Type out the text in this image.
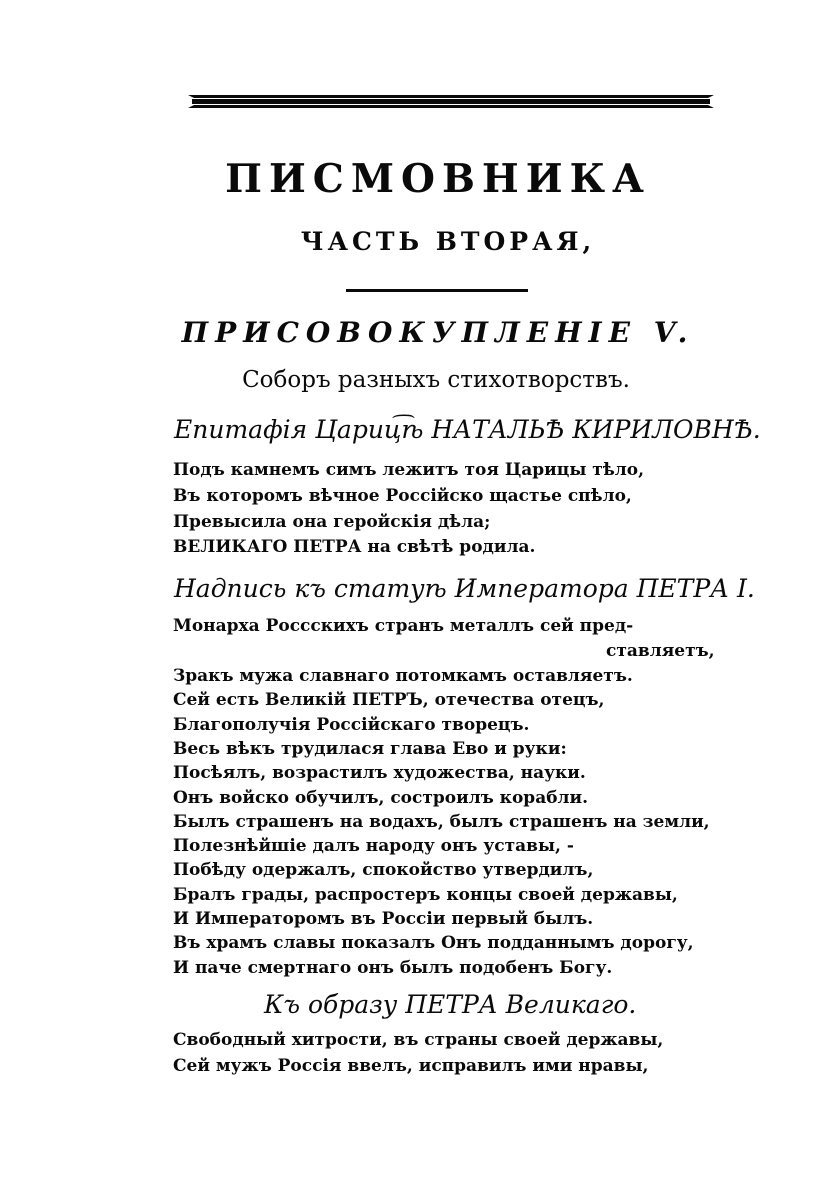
ПИСМОВНИКА
ЧАСТЬ ВТОРАЯ,
ПРИСОВОКУПЛЕНІЕ V.
Соборъ разныхъ стихотворствъ.
Епитафія Цариц͡ѣ НАТАЛЬѢ КИРИЛОВНѢ.
Подъ камнемъ симъ лежитъ тоя Царицы тѣло,
Въ которомъ вѣчное Россійско щастье спѣло,
Превысила она геройскія дѣла;
ВЕЛИКАГО ПЕТРА на свѣтѣ родила.
Надпись къ статуѣ Императора ПЕТРА I.
Монарха Россскихъ странъ металлъ сей пред-
ставляетъ,
Зракъ мужа славнаго потомкамъ оставляетъ.
Сей есть Великій ПЕТРЪ, отечества отецъ,
Благополучія Россійскаго творецъ.
Весь вѣкъ трудилася глава Ево и руки:
Посѣялъ, возрастилъ художества, науки.
Онъ войско обучилъ, состроилъ корабли.
Былъ страшенъ на водахъ, былъ страшенъ на земли,
Полезнѣйшіе далъ народу онъ уставы, -
Побѣду одержалъ, спокойство утвердилъ,
Бралъ грады, распростеръ концы своей державы,
И Императоромъ въ Россіи первый былъ.
Въ храмъ славы показалъ Онъ подданнымъ дорогу,
И паче смертнаго онъ былъ подобенъ Богу.
Къ образу ПЕТРА Великаго.
Свободный хитрости, въ страны своей державы,
Сей мужъ Россія ввелъ, исправилъ ими нравы,
